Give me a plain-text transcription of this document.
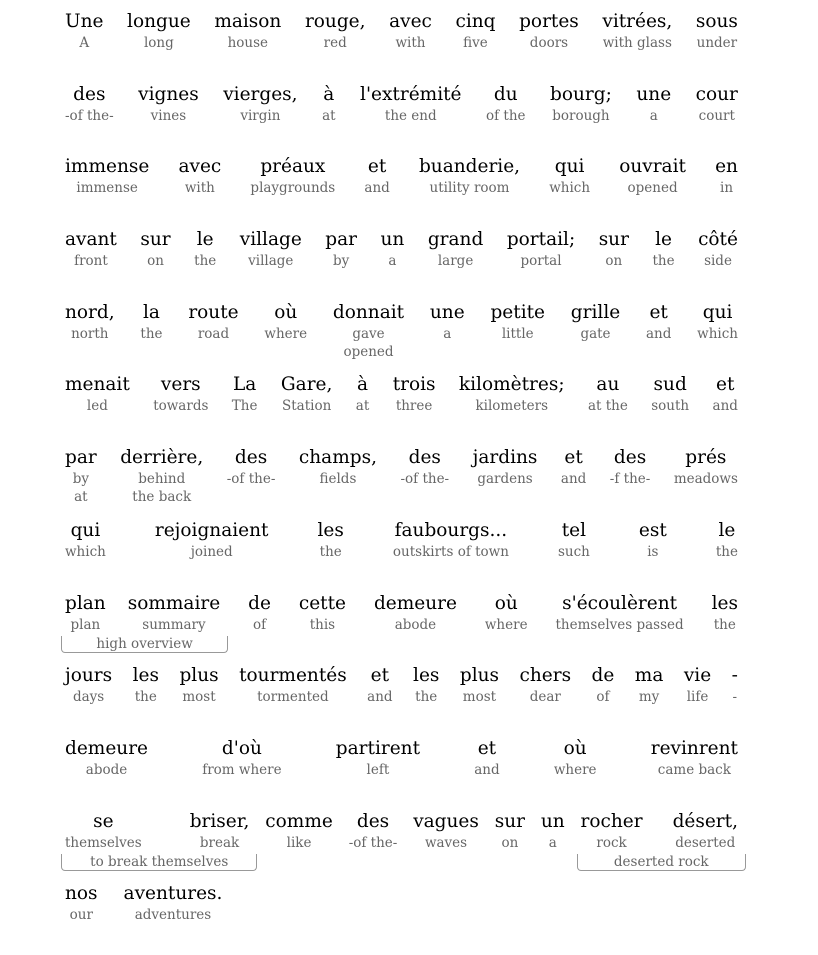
Une
A
longue
long
maison
house
rouge,
red
avec
with
cinq
five
portes
doors
vitrées,
with glass
sous
under
des
-of the-
vignes
vines
vierges,
virgin
à
at
l'extrémité
the end
du
of the
bourg;
borough
une
a
cour
court
immense
immense
avec
with
préaux
playgrounds
et
and
buanderie,
utility room
qui
which
ouvrait
opened
en
in
avant
front
sur
on
le
the
village
village
par
by
un
a
grand
large
portail;
portal
sur
on
le
the
côté
side
nord,
north
la
the
route
road
où
where
donnait
gave
opened
une
a
petite
little
grille
gate
et
and
qui
which
menait
led
vers
towards
La
The
Gare,
Station
à
at
trois
three
kilomètres;
kilometers
au
at the
sud
south
et
and
par
by
at
derrière,
behind
the back
des
-of the-
champs,
fields
des
-of the-
jardins
gardens
et
and
des
-f the-
prés
meadows
qui
which
rejoignaient
joined
les
the
faubourgs...
outskirts of town
tel
such
est
is
le
the
plan
plan
sommaire
summary
high overview
de
of
cette
this
demeure
abode
où
where
s'écoulèrent
themselves passed
les
the
jours
days
les
the
plus
most
tourmentés
tormented
et
and
les
the
plus
most
chers
dear
de
of
ma
my
vie
life
-
-
demeure
abode
d'où
from where
partirent
left
et
and
où
where
revinrent
came back
se
themselves
briser,
break
to break themselves
comme
like
des
-of the-
vagues
waves
sur
on
un
a
rocher
rock
désert,
deserted
deserted rock
nos
our
aventures.
adventures
